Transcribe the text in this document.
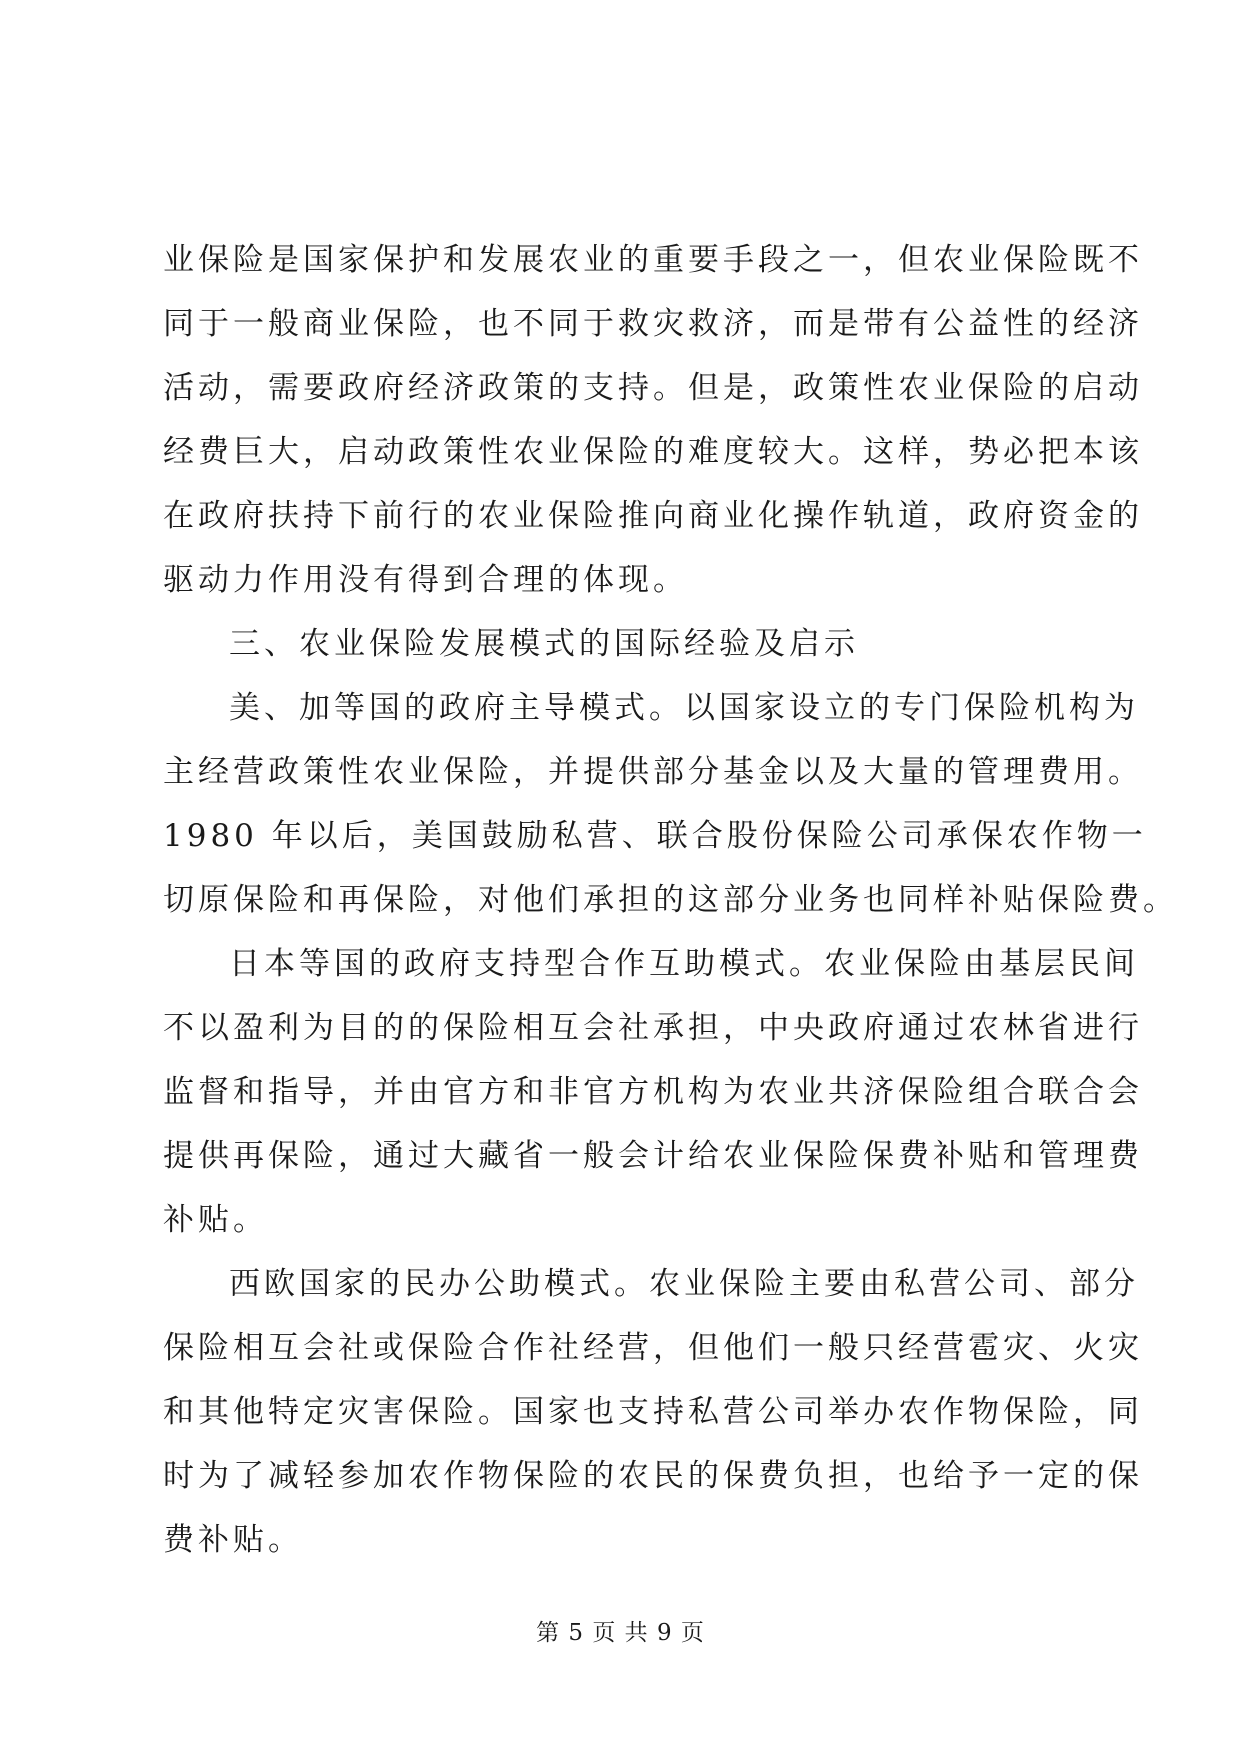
业保险是国家保护和发展农业的重要手段之一，但农业保险既不
同于一般商业保险，也不同于救灾救济，而是带有公益性的经济
活动，需要政府经济政策的支持。但是，政策性农业保险的启动
经费巨大，启动政策性农业保险的难度较大。这样，势必把本该
在政府扶持下前行的农业保险推向商业化操作轨道，政府资金的
驱动力作用没有得到合理的体现。
三、农业保险发展模式的国际经验及启示
美、加等国的政府主导模式。以国家设立的专门保险机构为
主经营政策性农业保险，并提供部分基金以及大量的管理费用。
1980 年以后，美国鼓励私营、联合股份保险公司承保农作物一
切原保险和再保险，对他们承担的这部分业务也同样补贴保险费。
日本等国的政府支持型合作互助模式。农业保险由基层民间
不以盈利为目的的保险相互会社承担，中央政府通过农林省进行
监督和指导，并由官方和非官方机构为农业共济保险组合联合会
提供再保险，通过大藏省一般会计给农业保险保费补贴和管理费
补贴。
西欧国家的民办公助模式。农业保险主要由私营公司、部分
保险相互会社或保险合作社经营，但他们一般只经营雹灾、火灾
和其他特定灾害保险。国家也支持私营公司举办农作物保险，同
时为了减轻参加农作物保险的农民的保费负担，也给予一定的保
费补贴。
第 5 页 共 9 页
